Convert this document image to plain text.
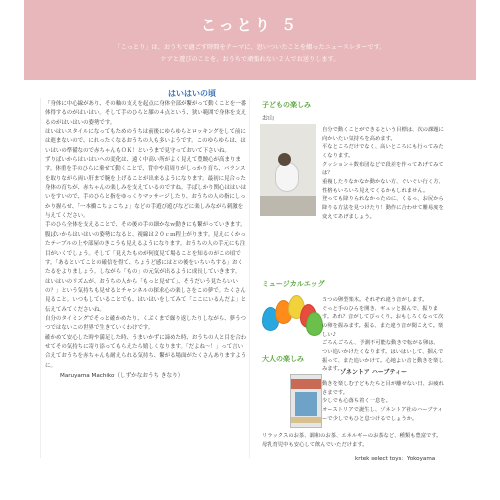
こっとり ５
「こっとり」は、おうちで過ごす時間をテーマに、思いついたことを綴ったニュースレターです。
ケアと遊びのことを、おうちで頑張れない２人でお送りします。
はいはいの頃

「身体に中心線があり、その軸の支えを起点に身体全部が繋がって動くことを一番体得するのがはいはい。そして手のひらと膝の４点という、狭い範囲で身体を支えるのがはいはいの姿勢です。

はいはいスタイルになってもためのうちは前後にゆらゆらとロッキングをして前には進まないので、にれったくなるおうちの人も多いようです。このゆらゆらは、はいはいの準備なので赤ちゃんもＯＫ！というまで見守っておいて下さいね。

ずりばいからはいはいへの変化は、遠く中高い所がよく見えて豊饒心が高まります。体重を手のひらに乗せて動くことで、背中や肩周りがしっかり育ち、バランスを取りながら両い肝まで腕を上げることが出来るようになります。最初に見合った身体の育ちが、赤ちゃんの楽しみを支えているのですね。手ばしかり関心ははいはいをすいので、手のひらと指をゆっくりマッサージしたり、おうちの人の指にしっかり握らせ、「一本橋こちょこちょ」などの手遊び遊びなどに楽しみながら刺激を与えてください。

手のひら全体を支えることで、その後の手の細かなｗ動きにも繋がっていきます。

腹ばいからはいはいの姿勢になると、視線は２０ｃｍ程上がります。見えにくかったテーブルの上や部屋のきこうも見えるようになります。おうちの人の手元にも注目がいくでしょう。そして「見えたものが何度見て場ることを知るのがこの頃です。「あるといてことの確信を得て、ちょうど感にはとの後をいちいちする」おくたるをよりましょう。しながら「もの」の元気が出るように成長していきます。

はいはいのリズムが、おうちの人から「もっと見せて」、そうだいう見たらいいの？」という気持ちも見せるとチャンネルの探求心の楽しさをこの夢で。たくさん見ること。いつもしていることでも、はいはいをしてみて「ここにいるんだよ」と伝えてみてくださいね。

自分のタイミングでそっと確かめたり、くぷくまで繰り返したりしながら、夢うつつではないこの世界で生きていくわけです。

確かめて安心した時や満足した時、うまいかずに諦めた時、おうちの人と目を合わせてその気持ちに寄り添ってもらえたら嬉しくなります。「だよね～！」って言い合えておうちを赤ちゃんも耐えられる気持ち、繋がる場面がたくさんありますように。

Maruyama Machiko（しずかなおうち きなり）
子どもの楽しみ
お山

自分で動くことができるという目標は、次の課題に向かいたい気持ちを高めます。

平なところだけでなく、高いところにも行ってみたくなります。

クッション＋数布団などで段差を作ってあげてみては？

重複したりなかなか動かない方、ぐいぐい行く方、性格もいろいろ見えてくるかもしれません。

登っても降りられなかったのに、くるっ、お尻から降りる方法を見つけたり！動作に合わせて難易度を変えてあげましょう。

ミュージカルエッグ

５つの卵型楽木。それぞれ違う音がします。

ぐっと手のひらを開き、ギュッと握んで、振ります。あれ？音がしてびっくり。おもしろくなって次の卵を握みます。振る、また違う音が聞こえて。楽しい♪

ごろんごろん、予測不可能な動きで転がる卵は、つい追いかけたくなります。はいはいして、掴んで振って、また追いかけて。心地よい音と動きを楽しみます。

大人の楽しみ
ゾネントア ハーブティー

動きを楽しむ子どもたちと目が離せない日、お疲れさまです。

少しでも心落ち着く一息を。

オーストリアで誕生し、ゾネントア社のハーブティーで少しでもひと息つけるでしょうか。

リラックスのお茶、調和のお茶、エネルギーのお茶など、種類も豊富です。

母乳育児中も安心して飲んでいただけます。

krtek select toys：Yokoyama
